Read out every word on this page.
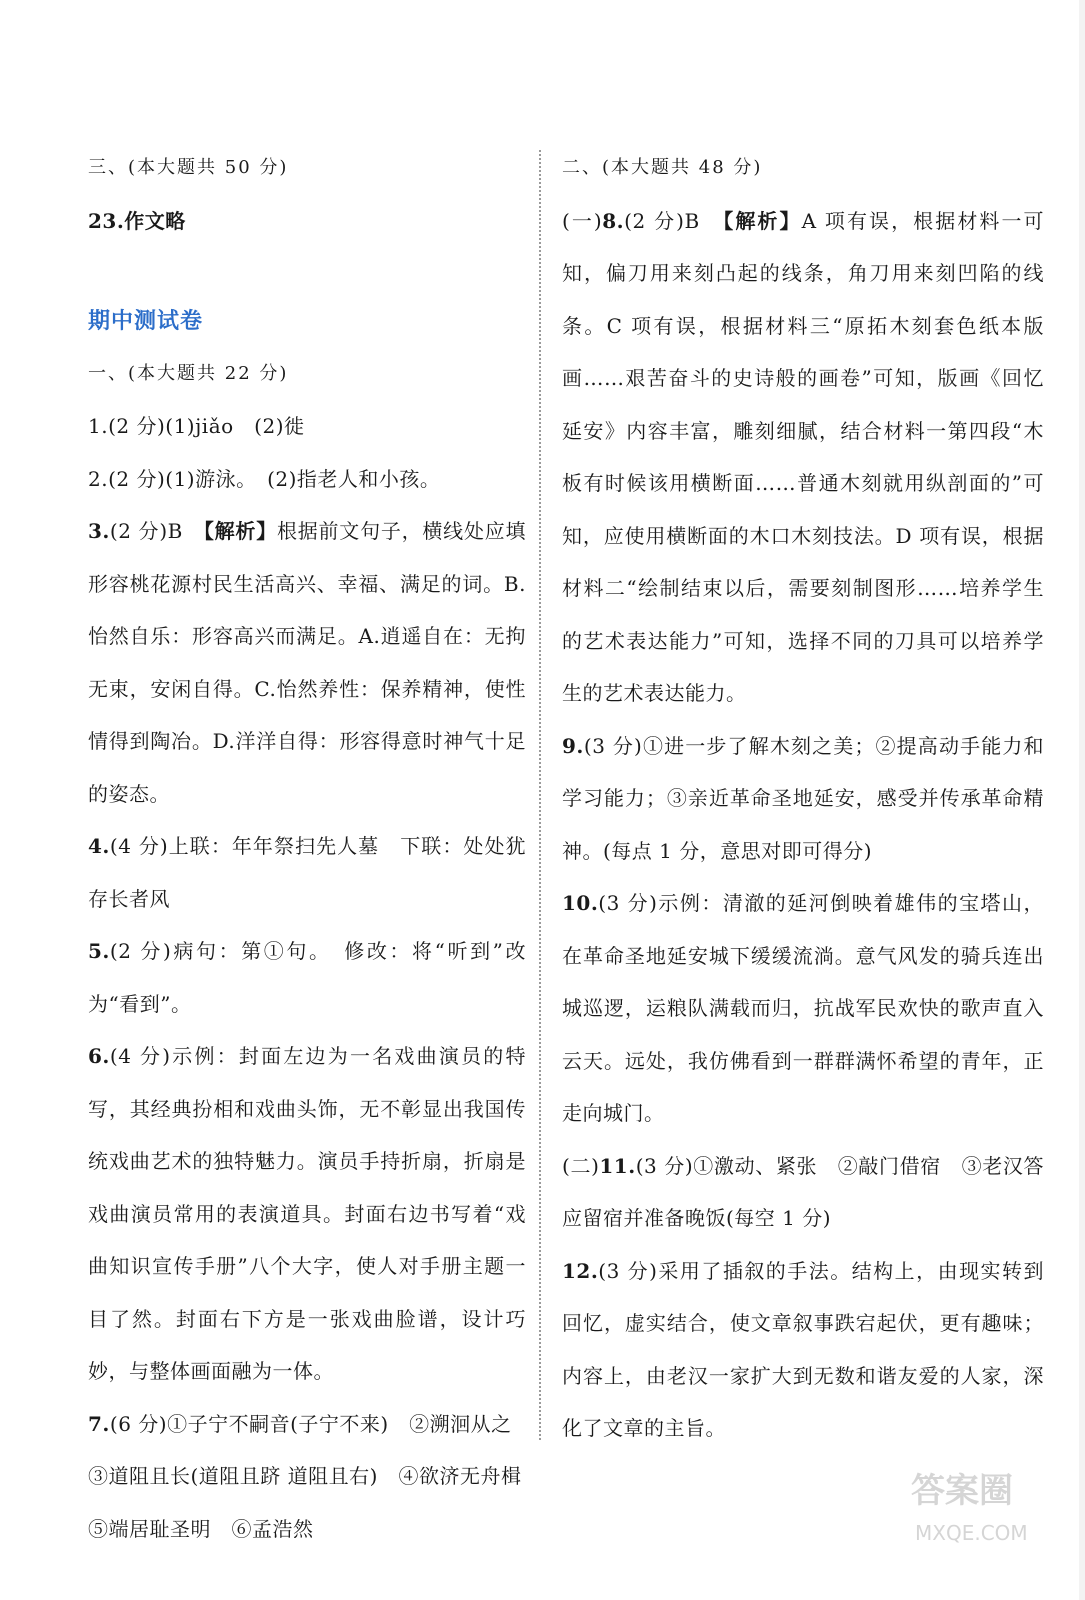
三、(本大题共 50 分)

23.作文略

期中测试卷

一、(本大题共 22 分)

1.(2 分)(1)jiǎo　(2)徙

2.(2 分)(1)游泳。　(2)指老人和小孩。

3.(2 分)B　【解析】根据前文句子，横线处应填形容桃花源村民生活高兴、幸福、满足的词。B.怡然自乐：形容高兴而满足。A.逍遥自在：无拘无束，安闲自得。C.怡然养性：保养精神，使性情得到陶冶。D.洋洋自得：形容得意时神气十足的姿态。

4.(4 分)上联：年年祭扫先人墓　下联：处处犹存长者风

5.(2 分)病句：第①句。　修改：将“听到”改为“看到”。

6.(4 分)示例：封面左边为一名戏曲演员的特写，其经典扮相和戏曲头饰，无不彰显出我国传统戏曲艺术的独特魅力。演员手持折扇，折扇是戏曲演员常用的表演道具。封面右边书写着“戏曲知识宣传手册”八个大字，使人对手册主题一目了然。封面右下方是一张戏曲脸谱，设计巧妙，与整体画面融为一体。

7.(6 分)①子宁不嗣音(子宁不来)　②溯洄从之

③道阻且长(道阻且跻 道阻且右)　④欲济无舟楫

⑤端居耻圣明　⑥孟浩然

二、(本大题共 48 分)

(一)8.(2 分)B　【解析】A 项有误，根据材料一可知，偏刀用来刻凸起的线条，角刀用来刻凹陷的线条。C 项有误，根据材料三“原拓木刻套色纸本版画……艰苦奋斗的史诗般的画卷”可知，版画《回忆延安》内容丰富，雕刻细腻，结合材料一第四段“木板有时候该用横断面……普通木刻就用纵剖面的”可知，应使用横断面的木口木刻技法。D 项有误，根据材料二“绘制结束以后，需要刻制图形……培养学生的艺术表达能力”可知，选择不同的刀具可以培养学生的艺术表达能力。

9.(3 分)①进一步了解木刻之美；②提高动手能力和学习能力；③亲近革命圣地延安，感受并传承革命精神。(每点 1 分，意思对即可得分)

10.(3 分)示例：清澈的延河倒映着雄伟的宝塔山，在革命圣地延安城下缓缓流淌。意气风发的骑兵连出城巡逻，运粮队满载而归，抗战军民欢快的歌声直入云天。远处，我仿佛看到一群群满怀希望的青年，正走向城门。

(二)11.(3 分)①激动、紧张　②敲门借宿　③老汉答应留宿并准备晚饭(每空 1 分)

12.(3 分)采用了插叙的手法。结构上，由现实转到回忆，虚实结合，使文章叙事跌宕起伏，更有趣味；内容上，由老汉一家扩大到无数和谐友爱的人家，深化了文章的主旨。

答案圈
MXQE.COM
